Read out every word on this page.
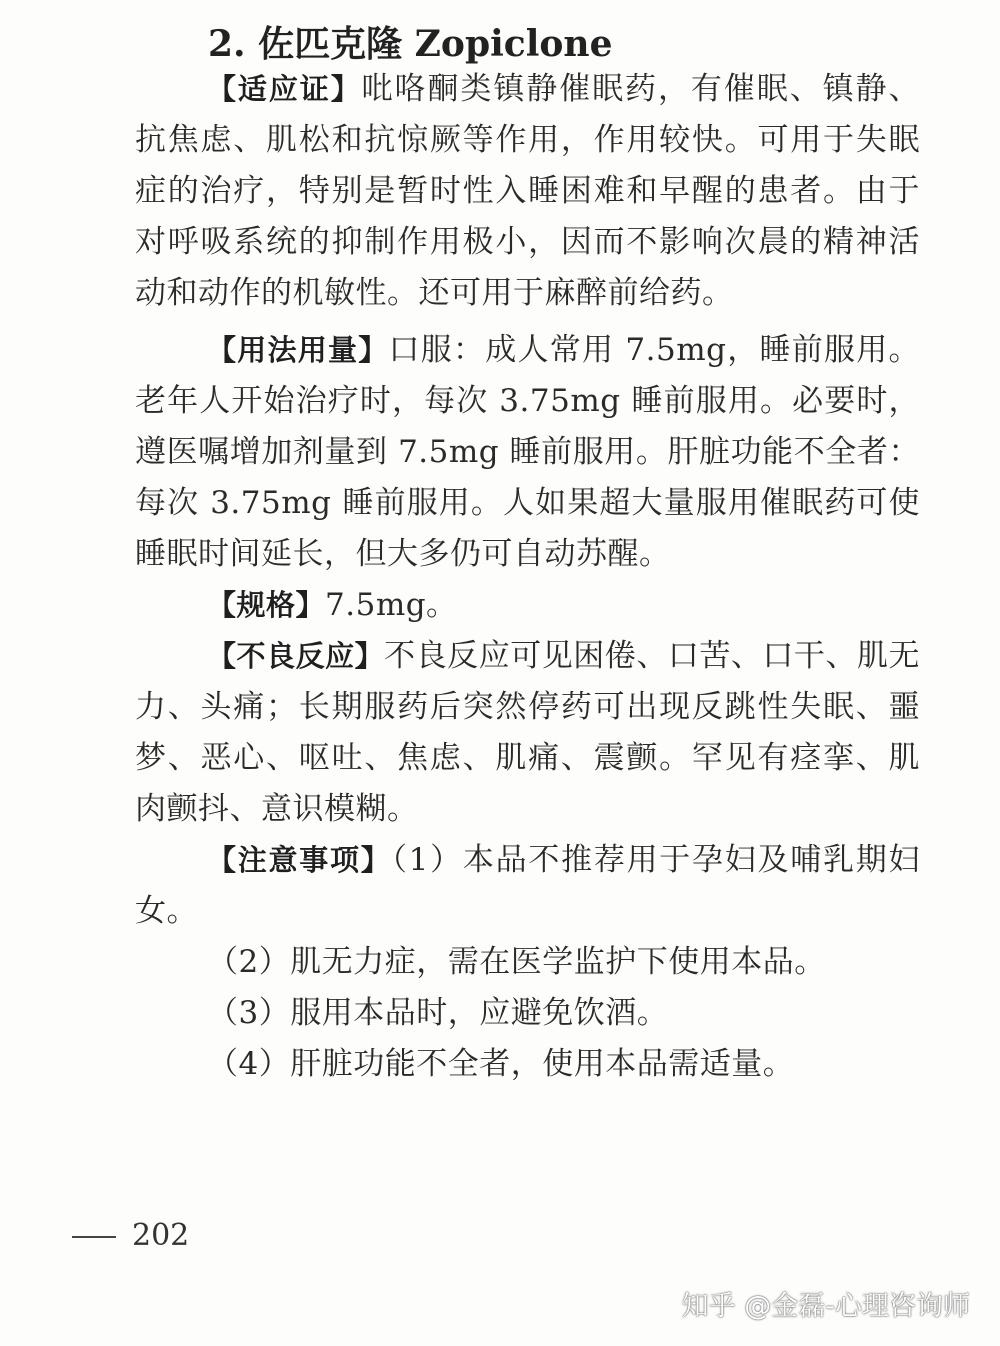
2. 佐匹克隆 Zopiclone

【适应证】吡咯酮类镇静催眠药，有催眠、镇静、抗焦虑、肌松和抗惊厥等作用，作用较快。可用于失眠症的治疗，特别是暂时性入睡困难和早醒的患者。由于对呼吸系统的抑制作用极小，因而不影响次晨的精神活动和动作的机敏性。还可用于麻醉前给药。

【用法用量】口服：成人常用 7.5mg，睡前服用。老年人开始治疗时，每次 3.75mg 睡前服用。必要时，遵医嘱增加剂量到 7.5mg 睡前服用。肝脏功能不全者：每次 3.75mg 睡前服用。人如果超大量服用催眠药可使睡眠时间延长，但大多仍可自动苏醒。

【规格】7.5mg。

【不良反应】不良反应可见困倦、口苦、口干、肌无力、头痛；长期服药后突然停药可出现反跳性失眠、噩梦、恶心、呕吐、焦虑、肌痛、震颤。罕见有痉挛、肌肉颤抖、意识模糊。

【注意事项】（1）本品不推荐用于孕妇及哺乳期妇女。

（2）肌无力症，需在医学监护下使用本品。

（3）服用本品时，应避免饮酒。

（4）肝脏功能不全者，使用本品需适量。

202
知乎 @金磊-心理咨询师
